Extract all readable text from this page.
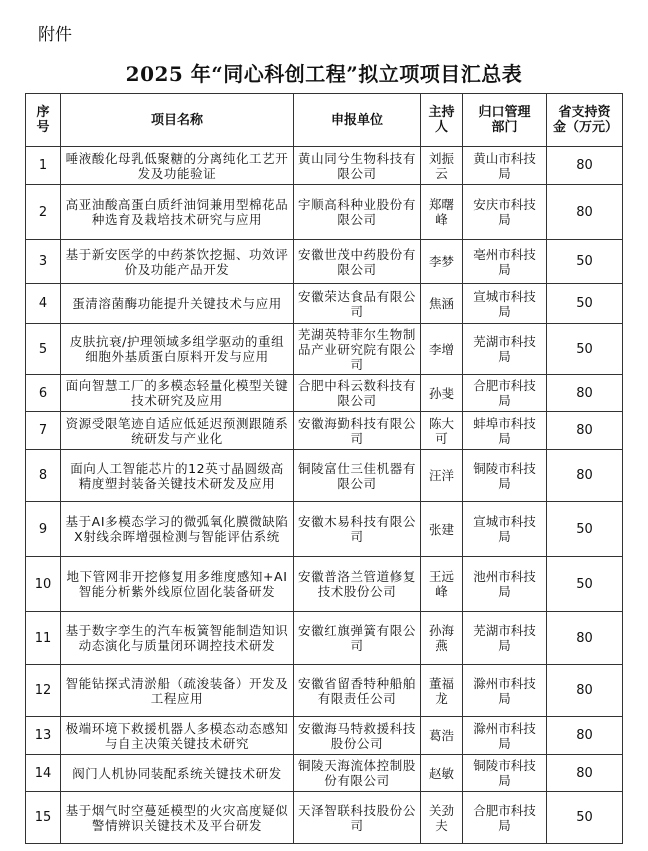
附件
2025 年“同心科创工程”拟立项项目汇总表
序号	项目名称	申报单位	主持人	归口管理部门	省支持资金（万元）
1	唾液酸化母乳低聚糖的分离纯化工艺开发及功能验证	黄山同兮生物科技有限公司	刘振云	黄山市科技局	80
2	高亚油酸高蛋白质纤油饲兼用型棉花品种选育及栽培技术研究与应用	宇顺高科种业股份有限公司	郑曙峰	安庆市科技局	80
3	基于新安医学的中药茶饮挖掘、功效评价及功能产品开发	安徽世茂中药股份有限公司	李梦	亳州市科技局	50
4	蛋清溶菌酶功能提升关键技术与应用	安徽荣达食品有限公司	焦涵	宣城市科技局	50
5	皮肤抗衰/护理领域多组学驱动的重组细胞外基质蛋白原料开发与应用	芜湖英特菲尔生物制品产业研究院有限公司	李增	芜湖市科技局	50
6	面向智慧工厂的多模态轻量化模型关键技术研究及应用	合肥中科云数科技有限公司	孙斐	合肥市科技局	80
7	资源受限笔迹自适应低延迟预测跟随系统研发与产业化	安徽海勤科技有限公司	陈大可	蚌埠市科技局	80
8	面向人工智能芯片的12英寸晶圆级高精度塑封装备关键技术研发及应用	铜陵富仕三佳机器有限公司	汪洋	铜陵市科技局	80
9	基于AI多模态学习的微弧氧化膜微缺陷X射线余晖增强检测与智能评估系统	安徽木易科技有限公司	张建	宣城市科技局	50
10	地下管网非开挖修复用多维度感知+AI智能分析紫外线原位固化装备研发	安徽普洛兰管道修复技术股份公司	王远峰	池州市科技局	50
11	基于数字孪生的汽车板簧智能制造知识动态演化与质量闭环调控技术研发	安徽红旗弹簧有限公司	孙海燕	芜湖市科技局	80
12	智能钻探式清淤船（疏浚装备）开发及工程应用	安徽省留香特种船舶有限责任公司	董福龙	滁州市科技局	80
13	极端环境下救援机器人多模态动态感知与自主决策关键技术研究	安徽海马特救援科技股份公司	葛浩	滁州市科技局	80
14	阀门人机协同装配系统关键技术研发	铜陵天海流体控制股份有限公司	赵敏	铜陵市科技局	80
15	基于烟气时空蔓延模型的火灾高度疑似警情辨识关键技术及平台研发	天泽智联科技股份公司	关劲夫	合肥市科技局	50
